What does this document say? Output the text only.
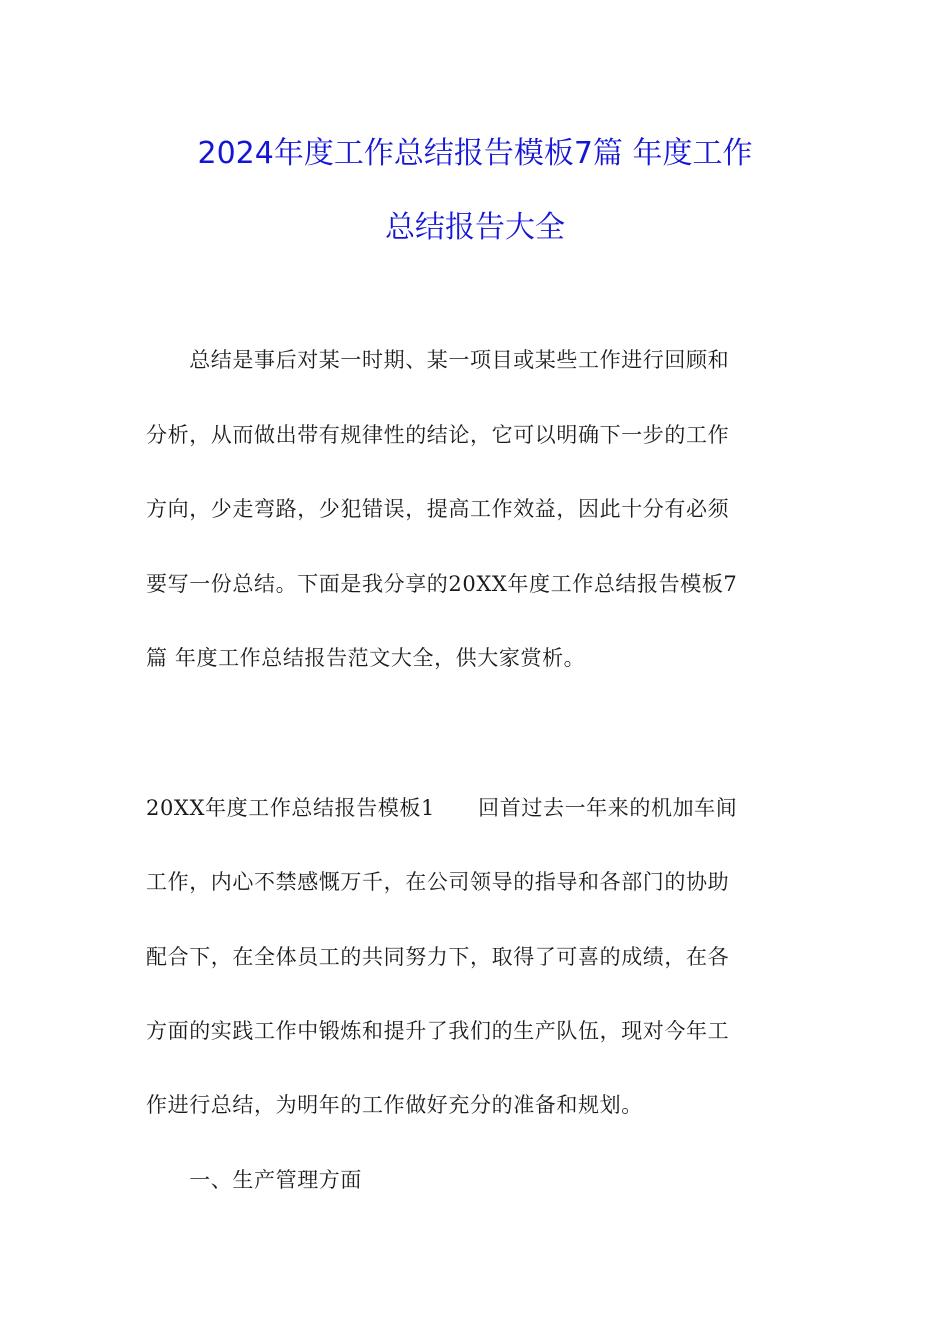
2024年度工作总结报告模板7篇 年度工作
总结报告大全
　　总结是事后对某一时期、某一项目或某些工作进行回顾和
分析，从而做出带有规律性的结论，它可以明确下一步的工作
方向，少走弯路，少犯错误，提高工作效益，因此十分有必须
要写一份总结。下面是我分享的20XX年度工作总结报告模板7
篇 年度工作总结报告范文大全，供大家赏析。
20XX年度工作总结报告模板1　　回首过去一年来的机加车间
工作，内心不禁感慨万千，在公司领导的指导和各部门的协助
配合下，在全体员工的共同努力下，取得了可喜的成绩，在各
方面的实践工作中锻炼和提升了我们的生产队伍，现对今年工
作进行总结，为明年的工作做好充分的准备和规划。
　　一、生产管理方面
